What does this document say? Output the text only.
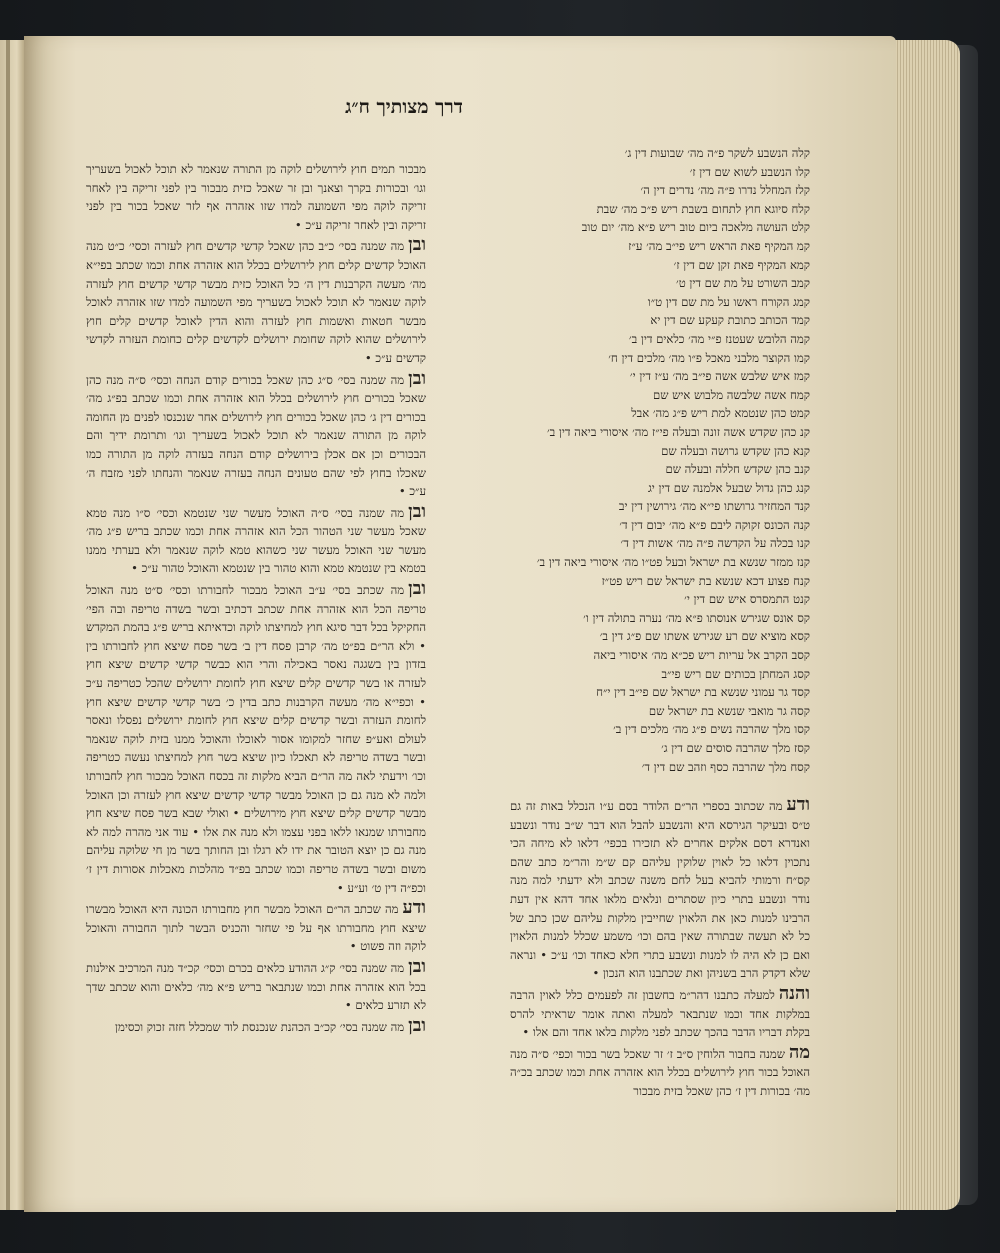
דרך מצותיך ח״ג
קלה הנשבע לשקר פ״ה מה׳ שבועות דין ג׳
קלו הנשבע לשוא שם דין ז׳
קלז המחלל נדרו פ״ה מה׳ נדרים דין ה׳
קלח סיוגא חוץ לתחום בשבת ריש פ״כ מה׳ שבת
קלט העושה מלאכה ביום טוב ריש פ״א מה׳ יום טוב
קמ המקיף פאת הראש ריש פי״ב מה׳ ע״ז
קמא המקיף פאת זקן שם דין ז׳
קמב השורט על מת שם דין ט׳
קמג הקורח ראשו על מת שם דין ט״ו
קמד הכותב כתובת קעקע שם דין יא
קמה הלובש שעטנז פ״י מה׳ כלאים דין ב׳
קמו הקוצר מלבני מאכל פ״ו מה׳ מלכים דין ח׳
קמז איש שלבש אשה פי״ב מה׳ ע״ז דין י׳
קמח אשה שלבשה מלבוש איש שם
קמט כהן שנטמא למת ריש פ״ג מה׳ אבל
קנ כהן שקדש אשה זונה ובעלה פי״ז מה׳ איסורי ביאה דין ב׳
קנא כהן שקדש גרושה ובעלה שם
קנב כהן שקדש חללה ובעלה שם
קנג כהן גדול שבעל אלמנה שם דין יג
קנד המחזיר גרושתו פי״א מה׳ גירושין דין יב
קנה הכונס זקוקה ליבם פ״א מה׳ יבום דין ד׳
קנו בכלה על הקדשה פ״ה מה׳ אשות דין ד׳
קנז ממזר שנשא בת ישראל ובעל פט״ו מה׳ איסורי ביאה דין ב׳
קנח פצוע דכא שנשא בת ישראל שם ריש פט״ז
קנט התמסרס איש שם דין י׳
קס אונס שגירש אנוסתו פ״א מה׳ נערה בתולה דין ו׳
קסא מוציא שם רע שגירש אשתו שם פ״ג דין ב׳
קסב הקרב אל עריות ריש פכ״א מה׳ איסורי ביאה
קסג המחתן בכותים שם ריש פי״ב
קסד גר עמוני שנשא בת ישראל שם פי״ב דין י״ח
קסה גר מואבי שנשא בת ישראל שם
קסו מלך שהרבה נשים פ״ג מה׳ מלכים דין ב׳
קסז מלך שהרבה סוסים שם דין ג׳
קסח מלך שהרבה כסף וזהב שם דין ד׳
ודעמה שכתוב בספרי הר״ם הלודר בסם ע״ו הנכלל באות זה גם ט״ס ובעיקר הגירסא היא והנשבע להבל הוא דבר ש״ב נודר ונשבע ואנדרא דסם אלקים אחרים לא תזכירו בכפי׳ דלאו לא מיחה הכי נתכוין דלאו כל לאוין שלוקין עליהם קם ש״מ והר״מ כתב שהם קס״ח ורמותי להביא בעל לחם משנה שכתב ולא ידעתי למה מנה נודר ונשבע בתרי כיון שסתרים ונלאים מלאו אחד דהא אין דעת הרבינו למנות כאן את הלאוין שחייבין מלקות עליהם שכן כתב של כל לא תעשה שבתורה שאין בהם וכו׳ משמע שכלל למנות הלאוין ואם כן לא היה לו למנות ונשבע בתרי חלא כאחד וכו׳ ע״כ • ונראה שלא דקדק הרב בשניהן ואת שכתבנו הוא הנכון •
והנהלמעלה כתבנו דהר״מ בחשבון זה לפעמים כלל לאוין הרבה במלקות אחד וכמו שנתבאר למעלה ואתה אומר שראיתי להרס בקלת דבריו הדבר בהכך שכתב לפני מלקות בלאו אחד והם אלו •
מהשמנה בחבור הלוחין ס״ב ז׳ זר שאכל בשר בכור וכפי׳ ס״ה מנה האוכל בכור חוץ לירושלים בכלל הוא אזהרה אחת וכמו שכתב בכ״ה מה׳ בכורות דין ז׳ כהן שאכל בזית מבכור
מבכור תמים חוץ לירושלים לוקה מן התורה שנאמר לא תוכל לאכול בשעריך וגו׳ ובכורות בקרך וצאנך ובן זר שאכל כזית מבכור בין לפני זריקה בין לאחר זריקה לוקה מפי השמועה למדו שזו אזהרה אף לזר שאכל בכור בין לפני זריקה ובין לאחר זריקה ע״כ •
ובןמה שמנה בסי׳ כ״ב כהן שאכל קדשי קדשים חוץ לעזרה וכסי׳ כ״ט מנה האוכל קדשים קלים חוץ לירושלים בכלל הוא אזהרה אחת וכמו שכתב בפי״א מה׳ מעשה הקרבנות דין ה׳ כל האוכל כזית מבשר קדשי קדשים חוץ לעזרה לוקה שנאמר לא תוכל לאכול בשעריך מפי השמועה למדו שזו אזהרה לאוכל מבשר חטאות ואשמות חוץ לעזרה והוא הדין לאוכל קדשים קלים חוץ לירושלים שהוא לוקה שחומת ירושלים לקדשים קלים כחומת העזרה לקדשי קדשים ע״כ •
ובןמה שמנה בסי׳ ס״ג כהן שאכל בכורים קודם הנחה וכסי׳ ס״ה מנה כהן שאכל בכורים חוץ לירושלים בכלל הוא אזהרה אחת וכמו שכתב בפ״ג מה׳ בכורים דין ג׳ כהן שאכל בכורים חוץ לירושלים אחר שנכנסו לפנים מן החומה לוקה מן התורה שנאמר לא תוכל לאכול בשעריך וגו׳ ותרומת ידיך והם הבכורים וכן אם אכלן בירושלים קודם הנחה בעזרה לוקה מן התורה כמו שאכלו בחוץ לפי שהם טעונים הנחה בעזרה שנאמר והנחתו לפני מזבח ה׳ ע״כ •
ובןמה שמנה בסי׳ ס״ה האוכל מעשר שני שנטמא וכסי׳ ס״ו מנה טמא שאכל מעשר שני הטהור הכל הוא אזהרה אחת וכמו שכתב בריש פ״ג מה׳ מעשר שני האוכל מעשר שני כשהוא טמא לוקה שנאמר ולא בערתי ממנו בטמא בין שנטמא טמא והוא טהור בין שנטמא והאוכל טהור ע״כ •
ובןמה שכתב בסי׳ ע״ב האוכל מבכור לחבורתו וכסי׳ ס״ט מנה האוכל טריפה הכל הוא אזהרה אחת שכתב דכתיב ובשר בשדה טריפה ובה הפי׳ החקיקל בכל דבר סיגא חוץ למחיצתו לוקה וכדאיתא בריש פ״ג בהמת המקדש • ולא הר״ם בפ״ט מה׳ קרבן פסח דין ב׳ בשר פסח שיצא חוץ לחבורתו בין בזדון בין בשגגה נאסר באכילה והרי הוא כבשר קדשי קדשים שיצא חוץ לעזרה או בשר קדשים קלים שיצא חוץ לחומת ירושלים שהכל כטריפה ע״כ • וכפי״א מה׳ מעשה הקרבנות כתב בדין כ׳ בשר קדשי קדשים שיצא חוץ לחומת העזרה ובשר קדשים קלים שיצא חוץ לחומת ירושלים נפסלו ונאסר לעולם ואע״פ שחזר למקומו אסור לאוכלו והאוכל ממנו בזית לוקה שנאמר ובשר בשדה טריפה לא תאכלו כיון שיצא בשר חוץ למחיצתו נעשה כטריפה וכו׳ וידעתי לאה מה הר״ם הביא מלקות זה בכסח האוכל מבכור חוץ לחבורתו ולמה לא מנה גם כן האוכל מבשר קדשי קדשים שיצא חוץ לעזרה וכן האוכל מבשר קדשים קלים שיצא חוץ מירושלים • ואולי שבא בשר פסח שיצא חוץ מחבורתו שמנאו ללאו בפני עצמו ולא מנה את אלו • עוד אני מהרה למה לא מנה גם כן יוצא הטובר את ידו לא רגלו ובן החותך בשר מן חי שלוקה עליהם משום ובשר בשדה טריפה וכמו שכתב בפ״ד מהלכות מאכלות אסורות דין ז׳ וכפ״ה דין ט׳ וע״ע •
ודעמה שכתב הר״ם האוכל מבשר חוץ מחבורתו הכונה היא האוכל מבשרו שיצא חוץ מחבורתו אף על פי שחזר והכניס הבשר לתוך החבורה והאוכל לוקה וזה פשוט •
ובןמה שמנה בסי׳ ק״ג ההודע כלאים בכרם וכסי׳ קכ״ד מנה המרכיב אילנות בכל הוא אזהרה אחת וכמו שנתבאר בריש פ״א מה׳ כלאים והוא שכתב שדך לא תזרע כלאים •
ובןמה שמנה בסי׳ קכ״ב הכהנת שנכנסת לוד שמכלל חזה זכוק וכסימן
